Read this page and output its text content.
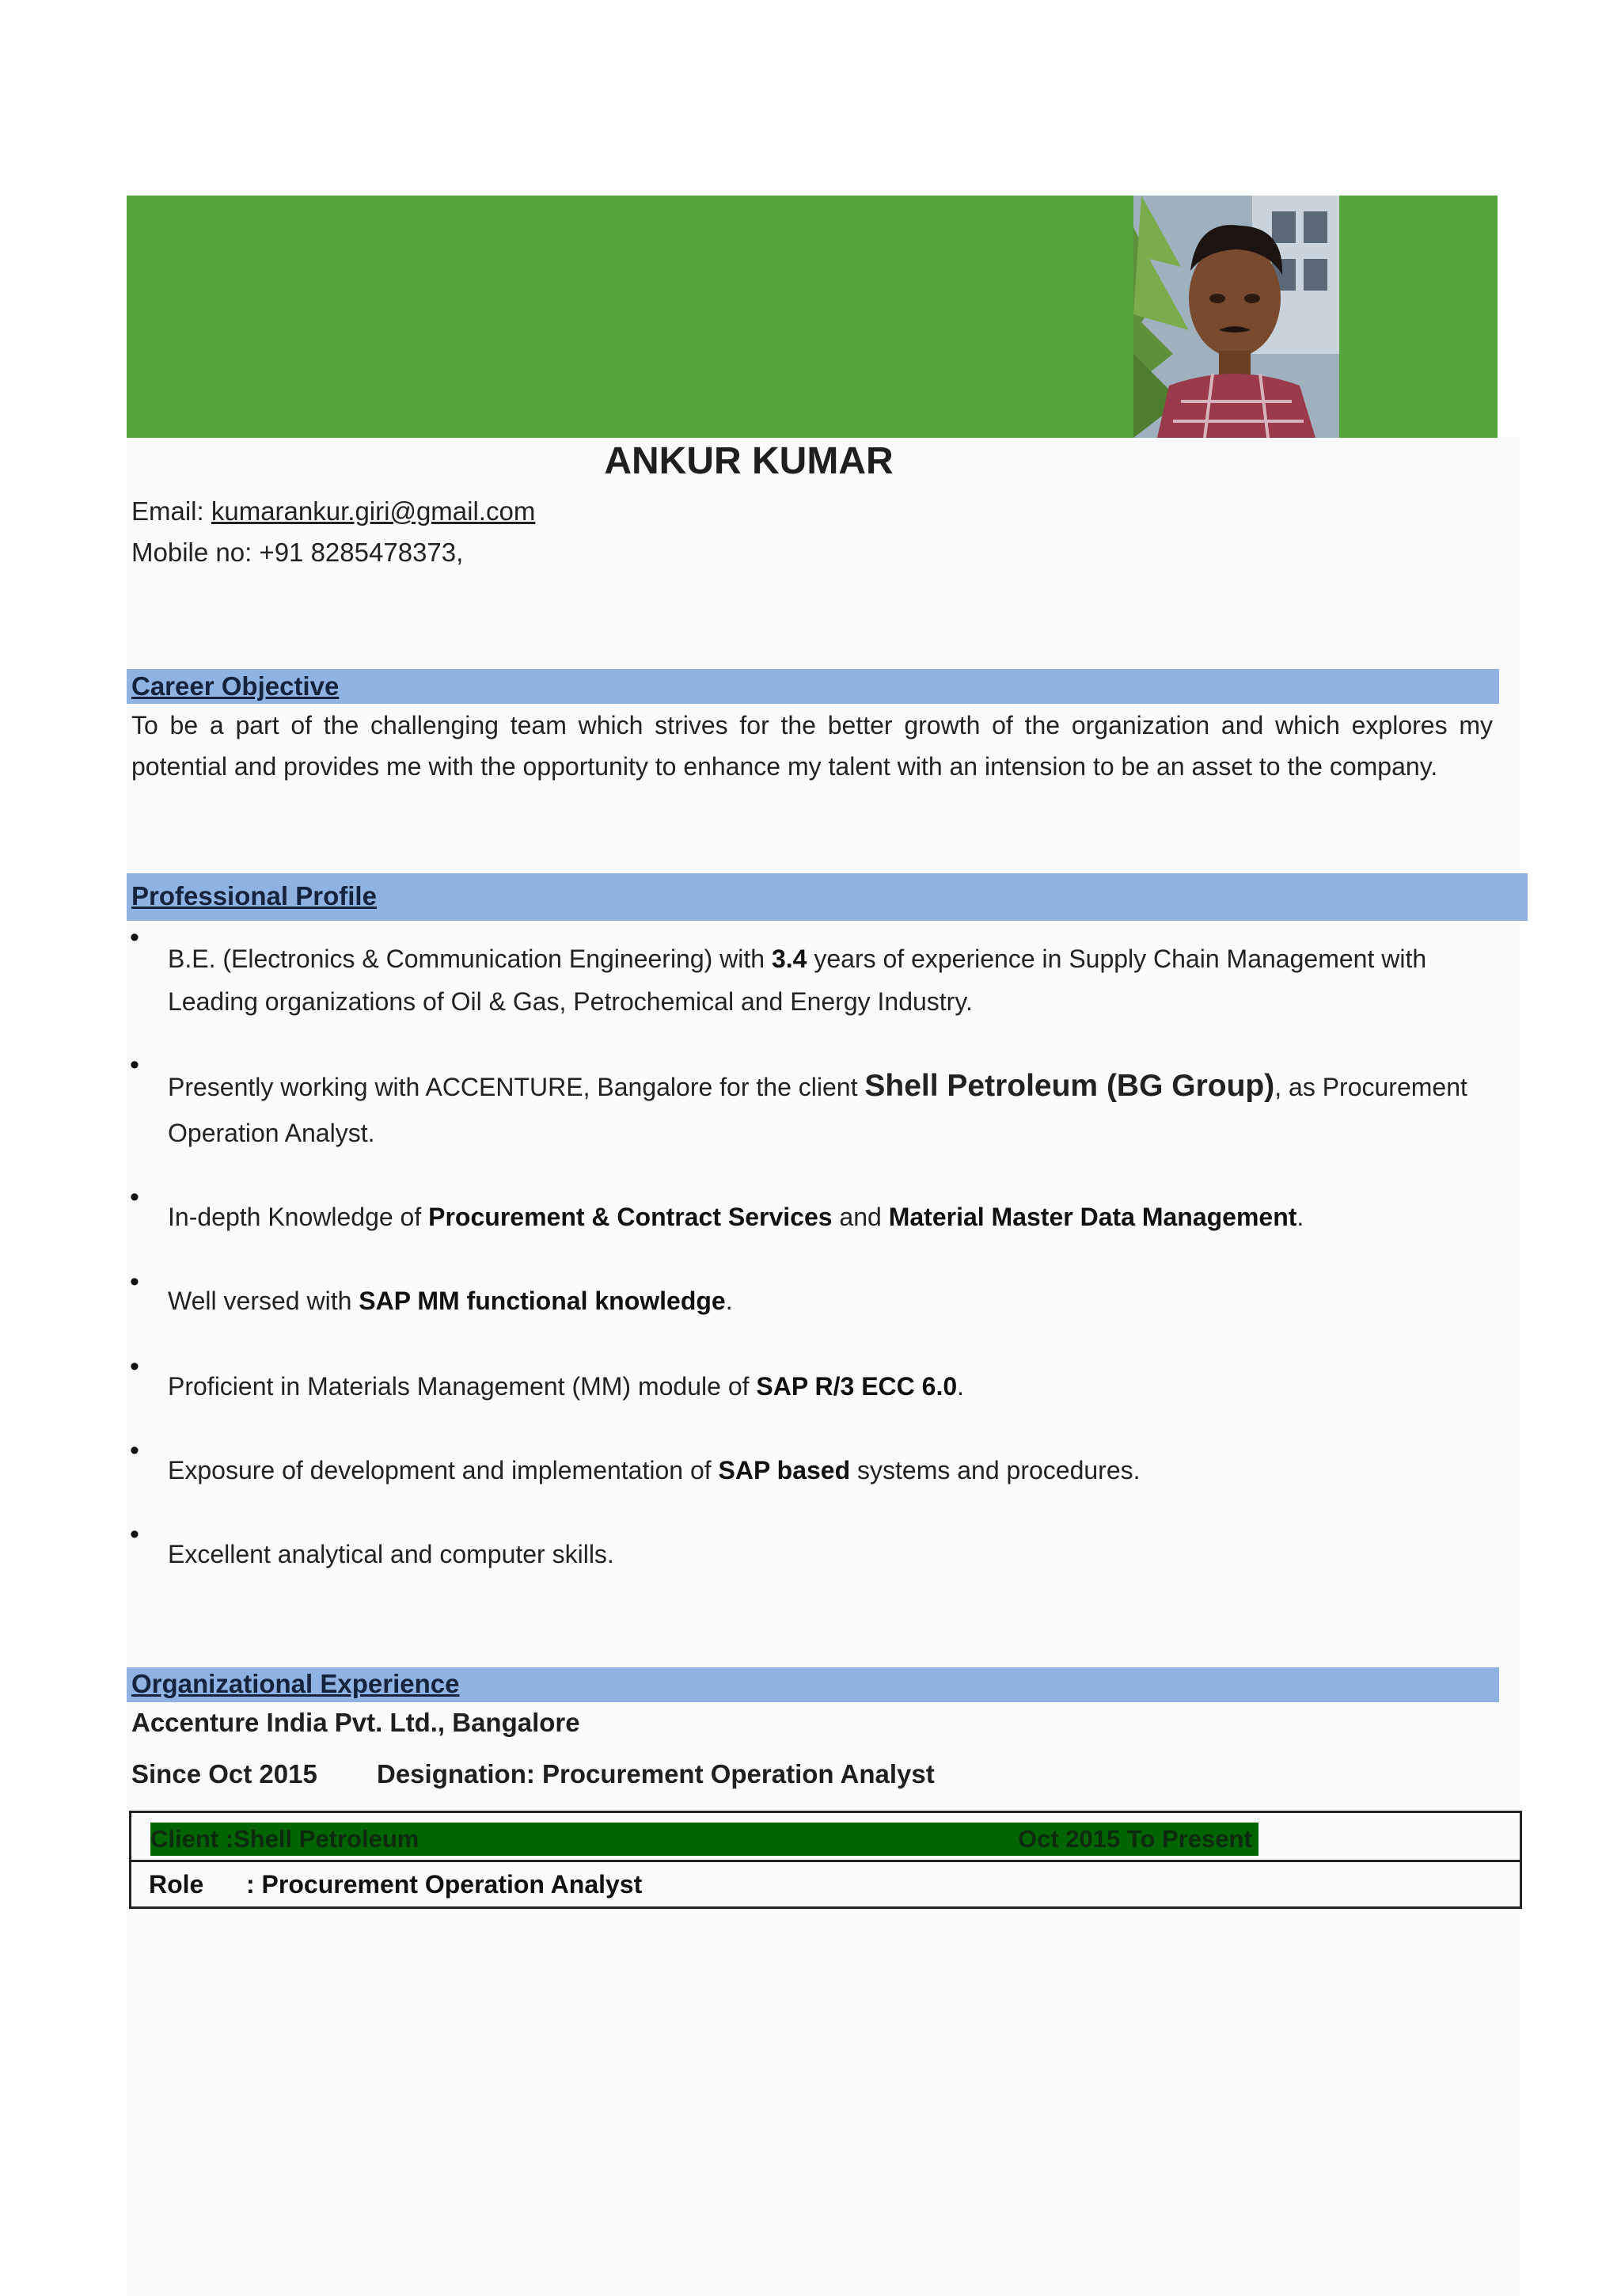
ANKUR KUMAR
Email: kumarankur.giri@gmail.com
Mobile no: +91 8285478373,
Career Objective
To be a part of the challenging team which strives for the better growth of the organization and which explores my potential and provides me with the opportunity to enhance my talent with an intension to be an asset to the company.
Professional Profile
•
B.E. (Electronics & Communication Engineering) with 3.4 years of experience in Supply Chain Management with Leading organizations of Oil & Gas, Petrochemical and Energy Industry.
•
Presently working with ACCENTURE, Bangalore for the client Shell Petroleum (BG Group), as Procurement Operation Analyst.
•
In-depth Knowledge of Procurement & Contract Services and Material Master Data Management.
•
Well versed with SAP MM functional knowledge.
•
Proficient in Materials Management (MM) module of SAP R/3 ECC 6.0.
•
Exposure of development and implementation of SAP based systems and procedures.
•
Excellent analytical and computer skills.
Organizational Experience
Accenture India Pvt. Ltd., Bangalore
Since Oct 2015 Designation: Procurement Operation Analyst
Client :Shell Petroleum	Oct 2015 To Present
Role : Procurement Operation Analyst
